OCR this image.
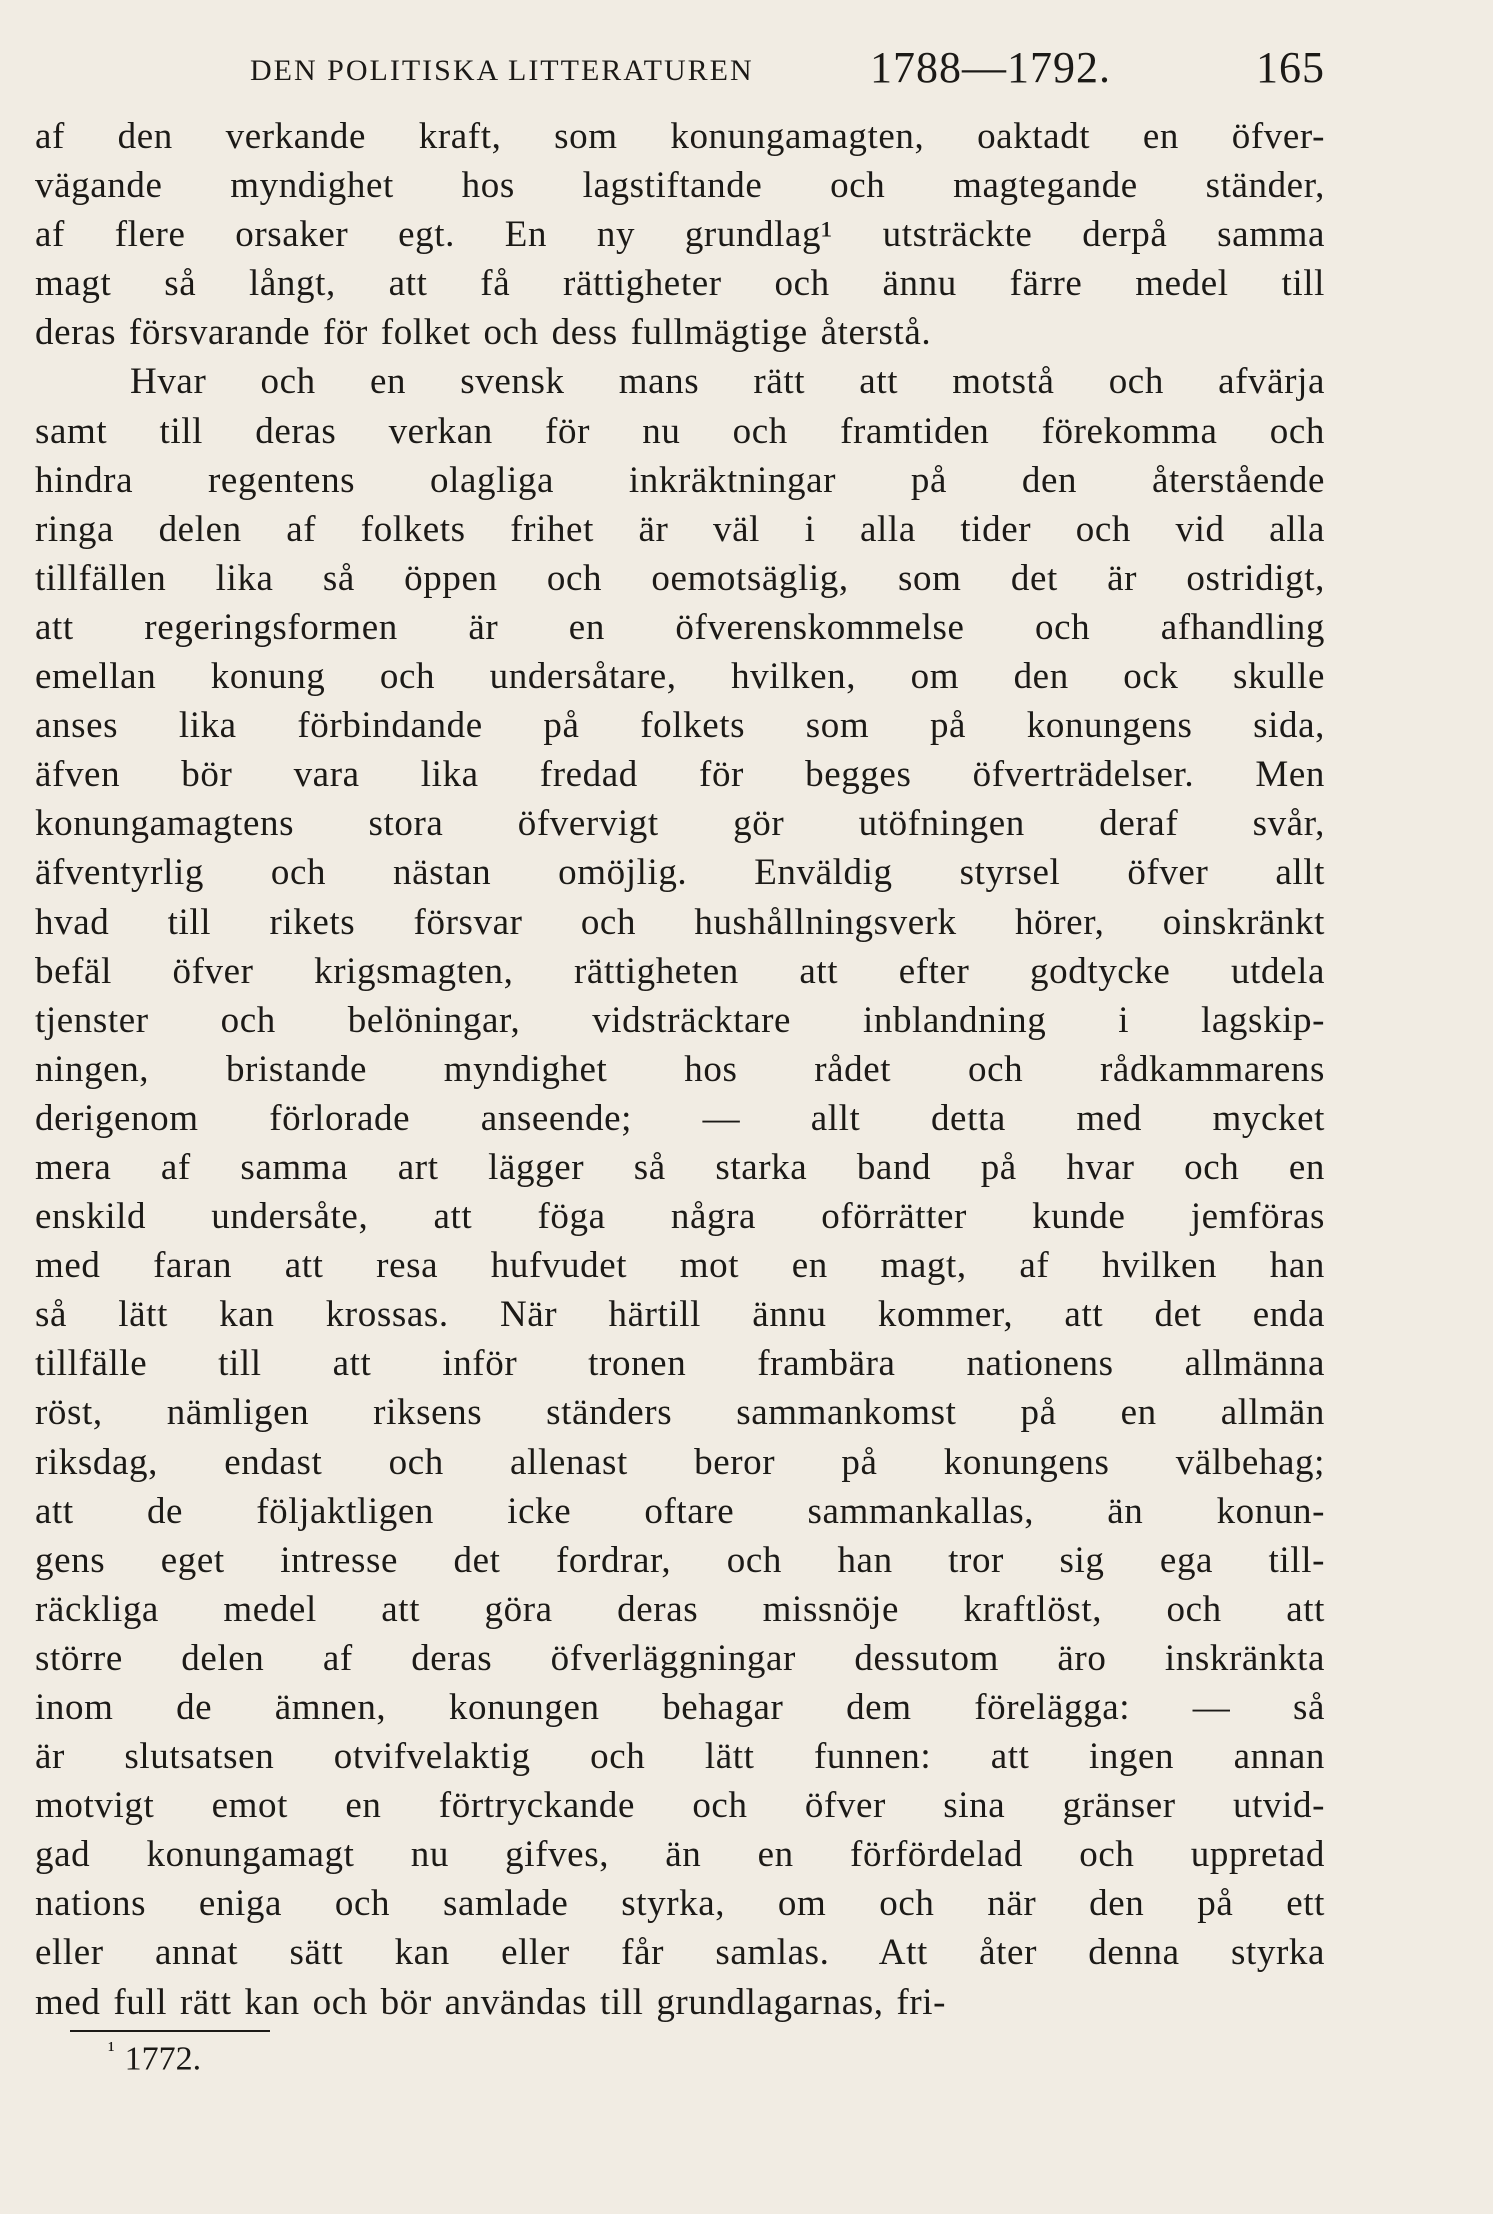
DEN POLITISKA LITTERATUREN	1788—1792.	165
af den verkande kraft, som konungamagten, oaktadt en öfver-
vägande myndighet hos lagstiftande och magtegande ständer,
af flere orsaker egt. En ny grundlag¹ utsträckte derpå samma
magt så långt, att få rättigheter och ännu färre medel till
deras försvarande för folket och dess fullmägtige återstå.
Hvar och en svensk mans rätt att motstå och afvärja
samt till deras verkan för nu och framtiden förekomma och
hindra regentens olagliga inkräktningar på den återstående
ringa delen af folkets frihet är väl i alla tider och vid alla
tillfällen lika så öppen och oemotsäglig, som det är ostridigt,
att regeringsformen är en öfverenskommelse och afhandling
emellan konung och undersåtare, hvilken, om den ock skulle
anses lika förbindande på folkets som på konungens sida,
äfven bör vara lika fredad för begges öfverträdelser. Men
konungamagtens stora öfvervigt gör utöfningen deraf svår,
äfventyrlig och nästan omöjlig. Enväldig styrsel öfver allt
hvad till rikets försvar och hushållningsverk hörer, oinskränkt
befäl öfver krigsmagten, rättigheten att efter godtycke utdela
tjenster och belöningar, vidsträcktare inblandning i lagskip-
ningen, bristande myndighet hos rådet och rådkammarens
derigenom förlorade anseende; — allt detta med mycket
mera af samma art lägger så starka band på hvar och en
enskild undersåte, att föga några oförrätter kunde jemföras
med faran att resa hufvudet mot en magt, af hvilken han
så lätt kan krossas. När härtill ännu kommer, att det enda
tillfälle till att inför tronen frambära nationens allmänna
röst, nämligen riksens ständers sammankomst på en allmän
riksdag, endast och allenast beror på konungens välbehag;
att de följaktligen icke oftare sammankallas, än konun-
gens eget intresse det fordrar, och han tror sig ega till-
räckliga medel att göra deras missnöje kraftlöst, och att
större delen af deras öfverläggningar dessutom äro inskränkta
inom de ämnen, konungen behagar dem förelägga: — så
är slutsatsen otvifvelaktig och lätt funnen: att ingen annan
motvigt emot en förtryckande och öfver sina gränser utvid-
gad konungamagt nu gifves, än en förfördelad och uppretad
nations eniga och samlade styrka, om och när den på ett
eller annat sätt kan eller får samlas. Att åter denna styrka
med full rätt kan och bör användas till grundlagarnas, fri-
$^{^1}$ 1772.
